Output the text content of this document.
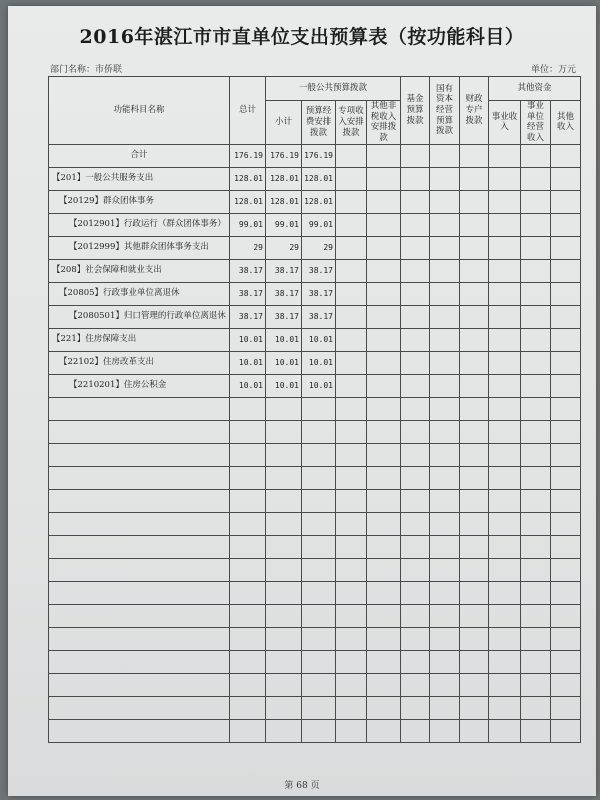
2016年湛江市市直单位支出预算表（按功能科目）
部门名称：市侨联	单位：万元
功能科目名称	总计	一般公共预算拨款				基金预算拨款	国有资本经营预算拨款	财政专户拨款	其他资金		
		小计	预算经费安排拨款	专项收入安排拨款	其他非税收入安排拨款				事业收入	事业单位经营收入	其他收入
合计	176.19	176.19	176.19								
【201】一般公共服务支出	128.01	128.01	128.01								
【20129】群众团体事务	128.01	128.01	128.01								
【2012901】行政运行（群众团体事务）	99.01	99.01	99.01								
【2012999】其他群众团体事务支出	29	29	29								
【208】社会保障和就业支出	38.17	38.17	38.17								
【20805】行政事业单位离退休	38.17	38.17	38.17								
【2080501】归口管理的行政单位离退休	38.17	38.17	38.17								
【221】住房保障支出	10.01	10.01	10.01								
【22102】住房改革支出	10.01	10.01	10.01								
【2210201】住房公积金	10.01	10.01	10.01								

第 68 页
